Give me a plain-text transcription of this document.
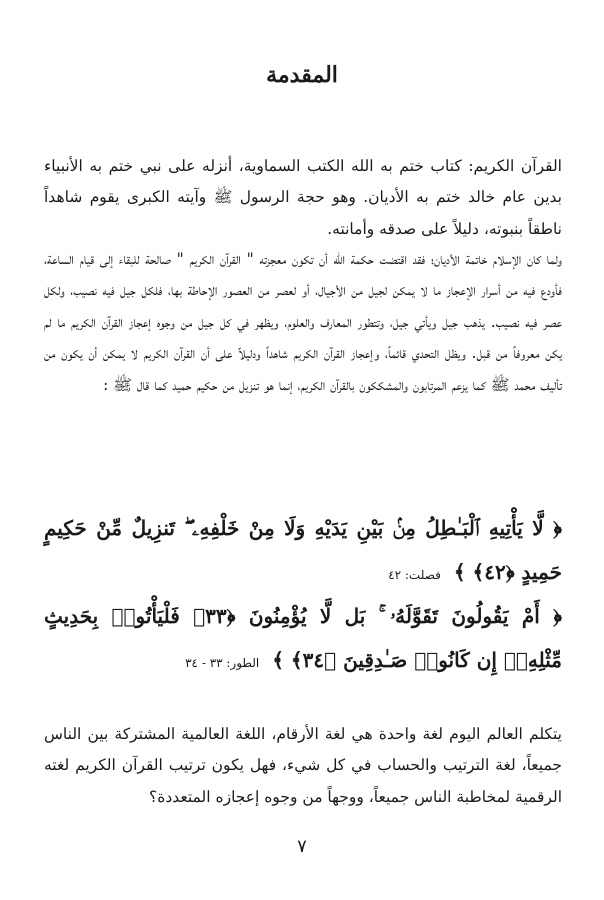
المقدمة

القرآن الكريم: كتاب ختم به الله الكتب السماوية، أنزله على نبي ختم به الأنبياء بدين عام خالد ختم به الأديان. وهو حجة الرسول ﷺ وآيته الكبرى يقوم شاهداً ناطقاً بنبوته، دليلاً على صدقه وأمانته.

ولما كان الإسلام خاتمة الأديان؛ فقد اقتضت حكمة الله أن تكون معجزته " القرآن الكريم " صالحة للبقاء إلى قيام الساعة، فأودع فيه من أسرار الإعجاز ما لا يمكن لجيل من الأجيال، أو لعصر من العصور الإحاطة بها، فلكل جيل فيه نصيب، ولكل عصر فيه نصيب. يذهب جيل ويأتي جيل، وتتطور المعارف والعلوم، ويظهر في كل جيل من وجوه إعجاز القرآن الكريم ما لم يكن معروفاً من قبل. ويظل التحدي قائماً، وإعجاز القرآن الكريم شاهداً ودليلاً على أن القرآن الكريم لا يمكن أن يكون من تأليف محمد ﷺ كما يزعم المرتابون والمشككون بالقرآن الكريم، إنما هو تنزيل من حكيم حميد كما قال ﷺ :

﴿ لَّا يَأْتِيهِ ٱلْبَـٰطِلُ مِنۢ بَيْنِ يَدَيْهِ وَلَا مِنْ خَلْفِهِۦ ۖ تَنزِيلٌ مِّنْ حَكِيمٍ حَمِيدٍ ﴿٤٢﴾ ﴾ فصلت: ٤٢
﴿ أَمْ يَقُولُونَ تَقَوَّلَهُۥ ۚ بَل لَّا يُؤْمِنُونَ ﴿٣٣﴾ فَلْيَأْتُوا۟ بِحَدِيثٍ مِّثْلِهِۦٓ إِن كَانُوا۟ صَـٰدِقِينَ ﴿٣٤﴾ ﴾ الطور: ٣٣ - ٣٤

يتكلم العالم اليوم لغة واحدة هي لغة الأرقام، اللغة العالمية المشتركة بين الناس جميعاً، لغة الترتيب والحساب في كل شيء، فهل يكون ترتيب القرآن الكريم لغته الرقمية لمخاطبة الناس جميعاً، ووجهاً من وجوه إعجازه المتعددة؟

٧
